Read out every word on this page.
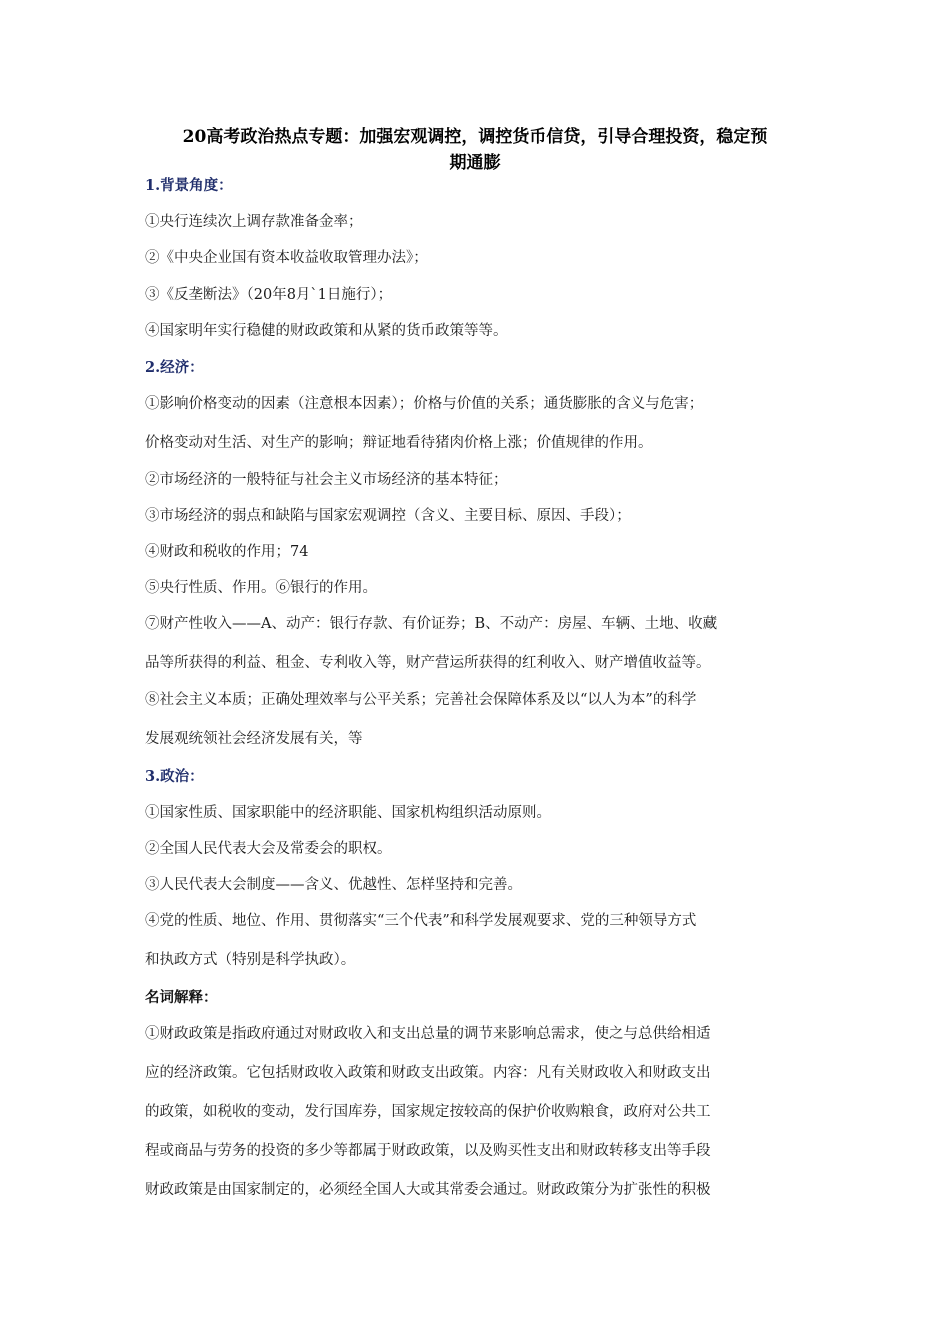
20高考政治热点专题：加强宏观调控，调控货币信贷，引导合理投资，稳定预
期通膨
1.背景角度：
①央行连续次上调存款准备金率；
②《中央企业国有资本收益收取管理办法》；
③《反垄断法》（20年8月`1日施行）；
④国家明年实行稳健的财政政策和从紧的货币政策等等。
2.经济：
①影响价格变动的因素（注意根本因素）；价格与价值的关系；通货膨胀的含义与危害；
价格变动对生活、对生产的影响；辩证地看待猪肉价格上涨；价值规律的作用。
②市场经济的一般特征与社会主义市场经济的基本特征；
③市场经济的弱点和缺陷与国家宏观调控（含义、主要目标、原因、手段）；
④财政和税收的作用；74
⑤央行性质、作用。⑥银行的作用。
⑦财产性收入——A、动产：银行存款、有价证券；B、不动产：房屋、车辆、土地、收藏
品等所获得的利益、租金、专利收入等，财产营运所获得的红利收入、财产增值收益等。
⑧社会主义本质；正确处理效率与公平关系；完善社会保障体系及以“以人为本”的科学
发展观统领社会经济发展有关，等
3.政治：
①国家性质、国家职能中的经济职能、国家机构组织活动原则。
②全国人民代表大会及常委会的职权。
③人民代表大会制度——含义、优越性、怎样坚持和完善。
④党的性质、地位、作用、贯彻落实“三个代表”和科学发展观要求、党的三种领导方式
和执政方式（特别是科学执政）。
名词解释：
①财政政策是指政府通过对财政收入和支出总量的调节来影响总需求，使之与总供给相适
应的经济政策。它包括财政收入政策和财政支出政策。内容：凡有关财政收入和财政支出
的政策，如税收的变动，发行国库券，国家规定按较高的保护价收购粮食，政府对公共工
程或商品与劳务的投资的多少等都属于财政政策，以及购买性支出和财政转移支出等手段
财政政策是由国家制定的，必须经全国人大或其常委会通过。财政政策分为扩张性的积极
